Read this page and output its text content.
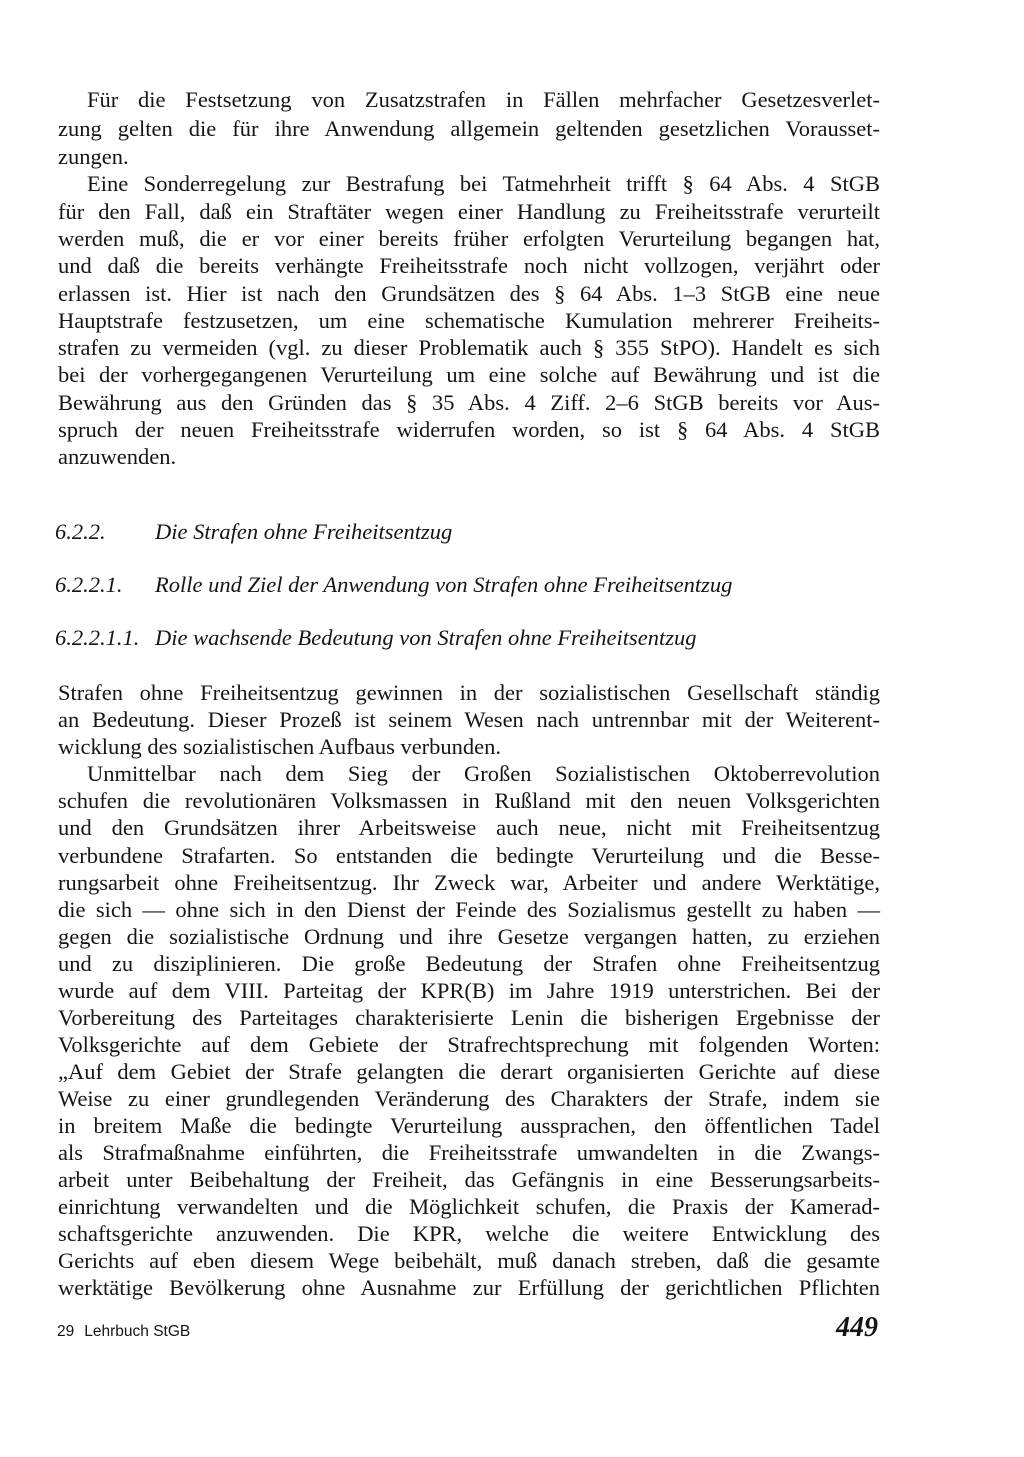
Für die Festsetzung von Zusatzstrafen in Fällen mehrfacher Gesetzesverlet-
zung gelten die für ihre Anwendung allgemein geltenden gesetzlichen Vorausset-
zungen.
Eine Sonderregelung zur Bestrafung bei Tatmehrheit trifft § 64 Abs. 4 StGB
für den Fall, daß ein Straftäter wegen einer Handlung zu Freiheitsstrafe verurteilt
werden muß, die er vor einer bereits früher erfolgten Verurteilung begangen hat,
und daß die bereits verhängte Freiheitsstrafe noch nicht vollzogen, verjährt oder
erlassen ist. Hier ist nach den Grundsätzen des § 64 Abs. 1–3 StGB eine neue
Hauptstrafe festzusetzen, um eine schematische Kumulation mehrerer Freiheits-
strafen zu vermeiden (vgl. zu dieser Problematik auch § 355 StPO). Handelt es sich
bei der vorhergegangenen Verurteilung um eine solche auf Bewährung und ist die
Bewährung aus den Gründen das § 35 Abs. 4 Ziff. 2–6 StGB bereits vor Aus-
spruch der neuen Freiheitsstrafe widerrufen worden, so ist § 64 Abs. 4 StGB
anzuwenden.
6.2.2. Die Strafen ohne Freiheitsentzug
6.2.2.1. Rolle und Ziel der Anwendung von Strafen ohne Freiheitsentzug
6.2.2.1.1. Die wachsende Bedeutung von Strafen ohne Freiheitsentzug
Strafen ohne Freiheitsentzug gewinnen in der sozialistischen Gesellschaft ständig
an Bedeutung. Dieser Prozeß ist seinem Wesen nach untrennbar mit der Weiterent-
wicklung des sozialistischen Aufbaus verbunden.
Unmittelbar nach dem Sieg der Großen Sozialistischen Oktoberrevolution
schufen die revolutionären Volksmassen in Rußland mit den neuen Volksgerichten
und den Grundsätzen ihrer Arbeitsweise auch neue, nicht mit Freiheitsentzug
verbundene Strafarten. So entstanden die bedingte Verurteilung und die Besse-
rungsarbeit ohne Freiheitsentzug. Ihr Zweck war, Arbeiter und andere Werktätige,
die sich — ohne sich in den Dienst der Feinde des Sozialismus gestellt zu haben —
gegen die sozialistische Ordnung und ihre Gesetze vergangen hatten, zu erziehen
und zu disziplinieren. Die große Bedeutung der Strafen ohne Freiheitsentzug
wurde auf dem VIII. Parteitag der KPR(B) im Jahre 1919 unterstrichen. Bei der
Vorbereitung des Parteitages charakterisierte Lenin die bisherigen Ergebnisse der
Volksgerichte auf dem Gebiete der Strafrechtsprechung mit folgenden Worten:
„Auf dem Gebiet der Strafe gelangten die derart organisierten Gerichte auf diese
Weise zu einer grundlegenden Veränderung des Charakters der Strafe, indem sie
in breitem Maße die bedingte Verurteilung aussprachen, den öffentlichen Tadel
als Strafmaßnahme einführten, die Freiheitsstrafe umwandelten in die Zwangs-
arbeit unter Beibehaltung der Freiheit, das Gefängnis in eine Besserungsarbeits-
einrichtung verwandelten und die Möglichkeit schufen, die Praxis der Kamerad-
schaftsgerichte anzuwenden. Die KPR, welche die weitere Entwicklung des
Gerichts auf eben diesem Wege beibehält, muß danach streben, daß die gesamte
werktätige Bevölkerung ohne Ausnahme zur Erfüllung der gerichtlichen Pflichten
29 Lehrbuch StGB	449
